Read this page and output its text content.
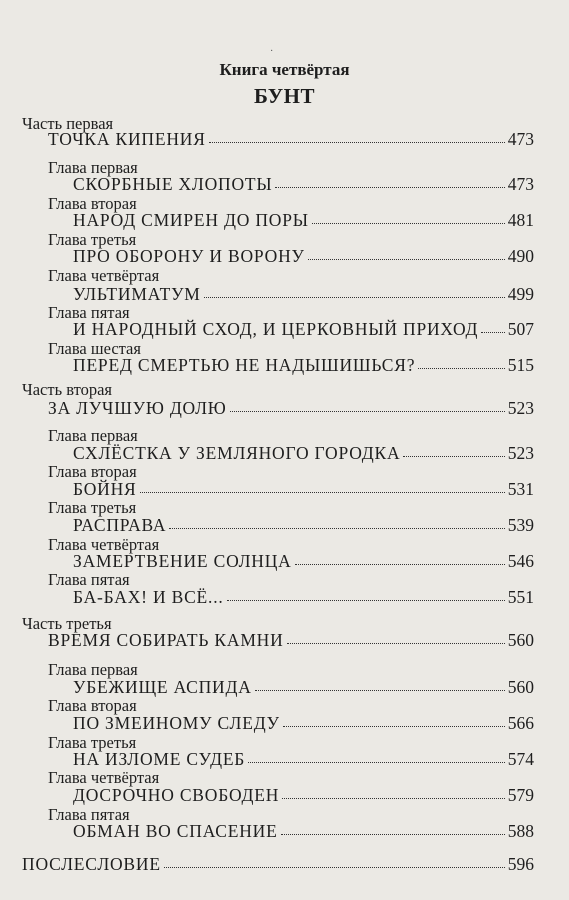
·
Книга четвёртая
БУНТ
Часть первая
ТОЧКА КИПЕНИЯ	473
Глава первая
СКОРБНЫЕ ХЛОПОТЫ	473
Глава вторая
НАРОД СМИРЕН ДО ПОРЫ	481
Глава третья
ПРО ОБОРОНУ И ВОРОНУ	490
Глава четвёртая
УЛЬТИМАТУМ	499
Глава пятая
И НАРОДНЫЙ СХОД, И ЦЕРКОВНЫЙ ПРИХОД 507
Глава шестая
ПЕРЕД СМЕРТЬЮ НЕ НАДЫШИШЬСЯ?	515
Часть вторая
ЗА ЛУЧШУЮ ДОЛЮ	523
Глава первая
СХЛЁСТКА У ЗЕМЛЯНОГО ГОРОДКА	523
Глава вторая
БОЙНЯ	531
Глава третья
РАСПРАВА	539
Глава четвёртая
ЗАМЕРТВЕНИЕ СОЛНЦА	546
Глава пятая
БА-БАХ! И ВСЁ...	551
Часть третья
ВРЕМЯ СОБИРАТЬ КАМНИ	560
Глава первая
УБЕЖИЩЕ АСПИДА	560
Глава вторая
ПО ЗМЕИНОМУ СЛЕДУ	566
Глава третья
НА ИЗЛОМЕ СУДЕБ	574
Глава четвёртая
ДОСРОЧНО СВОБОДЕН	579
Глава пятая
ОБМАН ВО СПАСЕНИЕ	588
ПОСЛЕСЛОВИЕ	596
